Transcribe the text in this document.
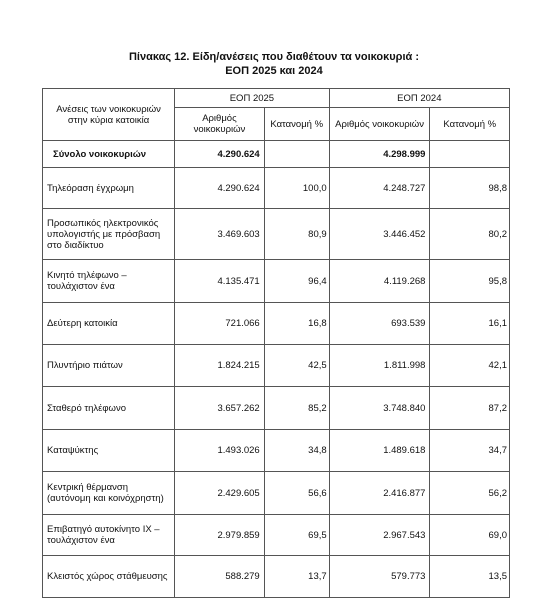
Πίνακας 12. Είδη/ανέσεις που διαθέτουν τα νοικοκυριά :
ΕΟΠ 2025 και 2024
Ανέσεις των νοικοκυριών στην κύρια κατοικία	ΕΟΠ 2025		ΕΟΠ 2024	
	Αριθμός νοικοκυριών	Κατανομή %	Αριθμός νοικοκυριών	Κατανομή %
Σύνολο νοικοκυριών	4.290.624		4.298.999	
Τηλεόραση έγχρωμη	4.290.624	100,0	4.248.727	98,8
Προσωπικός ηλεκτρονικός υπολογιστής με πρόσβαση στο διαδίκτυο	3.469.603	80,9	3.446.452	80,2
Κινητό τηλέφωνο – τουλάχιστον ένα	4.135.471	96,4	4.119.268	95,8
Δεύτερη κατοικία	721.066	16,8	693.539	16,1
Πλυντήριο πιάτων	1.824.215	42,5	1.811.998	42,1
Σταθερό τηλέφωνο	3.657.262	85,2	3.748.840	87,2
Καταψύκτης	1.493.026	34,8	1.489.618	34,7
Κεντρική θέρμανση (αυτόνομη και κοινόχρηστη)	2.429.605	56,6	2.416.877	56,2
Επιβατηγό αυτοκίνητο ΙΧ – τουλάχιστον ένα	2.979.859	69,5	2.967.543	69,0
Κλειστός χώρος στάθμευσης	588.279	13,7	579.773	13,5
